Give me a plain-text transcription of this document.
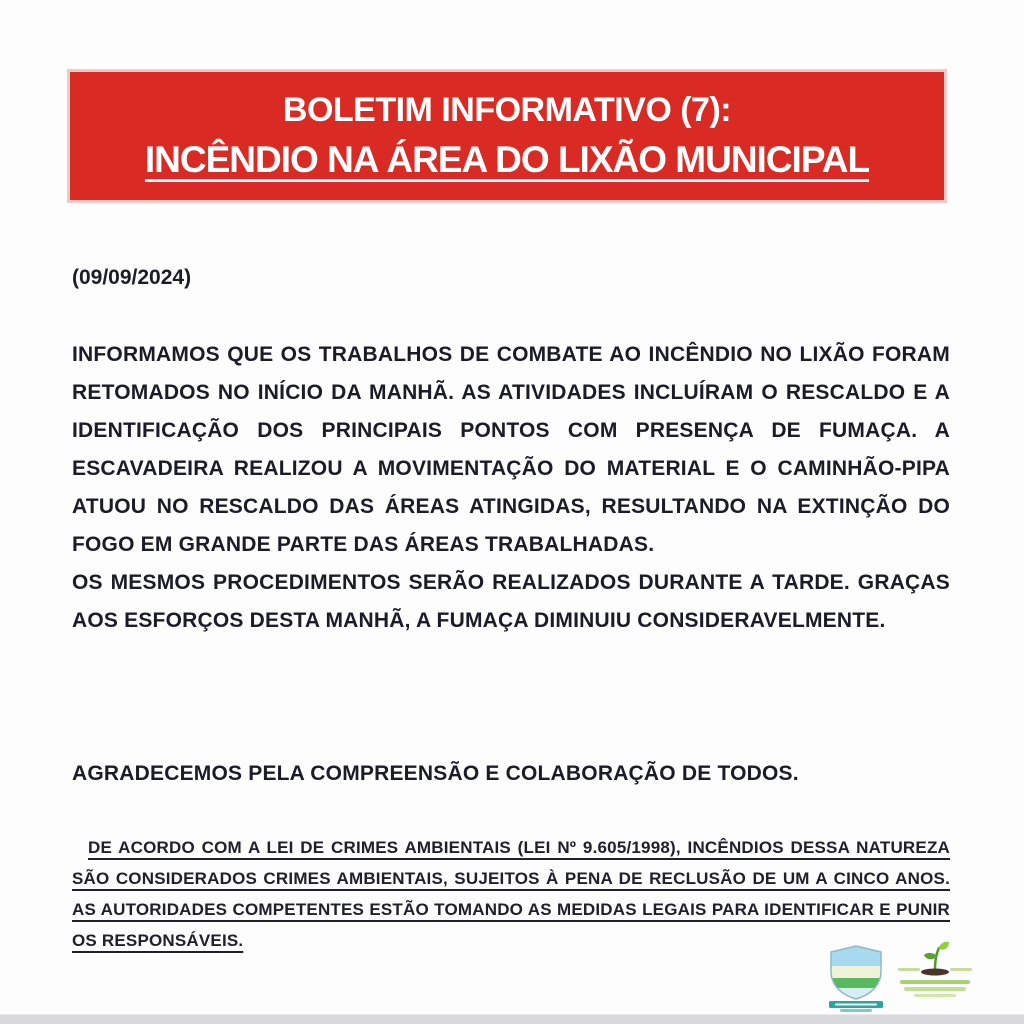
BOLETIM INFORMATIVO (7):
INCÊNDIO NA ÁREA DO LIXÃO MUNICIPAL
(09/09/2024)

INFORMAMOS QUE OS TRABALHOS DE COMBATE AO INCÊNDIO NO LIXÃO FORAM RETOMADOS NO INÍCIO DA MANHÃ. AS ATIVIDADES INCLUÍRAM O RESCALDO E A IDENTIFICAÇÃO DOS PRINCIPAIS PONTOS COM PRESENÇA DE FUMAÇA. A ESCAVADEIRA REALIZOU A MOVIMENTAÇÃO DO MATERIAL E O CAMINHÃO-PIPA ATUOU NO RESCALDO DAS ÁREAS ATINGIDAS, RESULTANDO NA EXTINÇÃO DO FOGO EM GRANDE PARTE DAS ÁREAS TRABALHADAS.

OS MESMOS PROCEDIMENTOS SERÃO REALIZADOS DURANTE A TARDE. GRAÇAS AOS ESFORÇOS DESTA MANHÃ, A FUMAÇA DIMINUIU CONSIDERAVELMENTE.

AGRADECEMOS PELA COMPREENSÃO E COLABORAÇÃO DE TODOS.
DE ACORDO COM A LEI DE CRIMES AMBIENTAIS (LEI Nº 9.605/1998), INCÊNDIOS DESSA NATUREZA SÃO CONSIDERADOS CRIMES AMBIENTAIS, SUJEITOS À PENA DE RECLUSÃO DE UM A CINCO ANOS. AS AUTORIDADES COMPETENTES ESTÃO TOMANDO AS MEDIDAS LEGAIS PARA IDENTIFICAR E PUNIR OS RESPONSÁVEIS.
